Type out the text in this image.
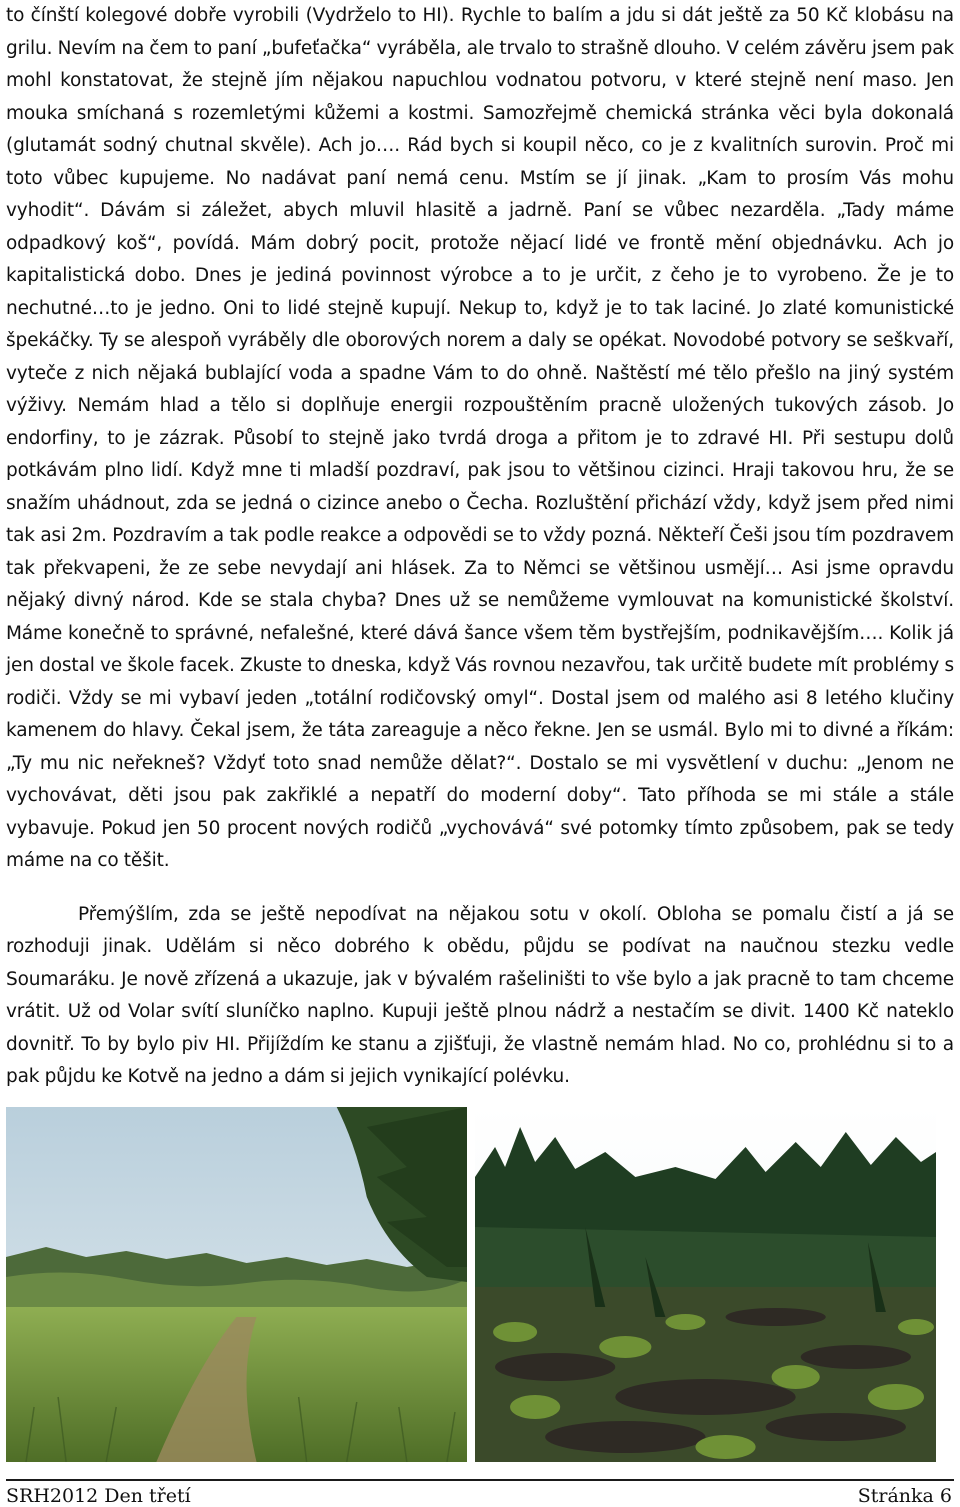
to čínští kolegové dobře vyrobili (Vydrželo to HI). Rychle to balím a jdu si dát ještě za 50 Kč klobásu na grilu. Nevím na čem to paní „bufeťačka“ vyráběla, ale trvalo to strašně dlouho. V celém závěru jsem pak mohl konstatovat, že stejně jím nějakou napuchlou vodnatou potvoru, v které stejně není maso. Jen mouka smíchaná s rozemletými kůžemi a kostmi. Samozřejmě chemická stránka věci byla dokonalá (glutamát sodný chutnal skvěle). Ach jo…. Rád bych si koupil něco, co je z kvalitních surovin. Proč mi toto vůbec kupujeme. No nadávat paní nemá cenu. Mstím se jí jinak. „Kam to prosím Vás mohu vyhodit“. Dávám si záležet, abych mluvil hlasitě a jadrně. Paní se vůbec nezarděla. „Tady máme odpadkový koš“, povídá. Mám dobrý pocit, protože nějací lidé ve frontě mění objednávku. Ach jo kapitalistická dobo. Dnes je jediná povinnost výrobce a to je určit, z čeho je to vyrobeno. Že je to nechutné…to je jedno. Oni to lidé stejně kupují. Nekup to, když je to tak laciné. Jo zlaté komunistické špekáčky. Ty se alespoň vyráběly dle oborových norem a daly se opékat. Novodobé potvory se seškvaří, vyteče z nich nějaká bublající voda a spadne Vám to do ohně. Naštěstí mé tělo přešlo na jiný systém výživy. Nemám hlad a tělo si doplňuje energii rozpouštěním pracně uložených tukových zásob. Jo endorfiny, to je zázrak. Působí to stejně jako tvrdá droga a přitom je to zdravé HI. Při sestupu dolů potkávám plno lidí. Když mne ti mladší pozdraví, pak jsou to většinou cizinci. Hraji takovou hru, že se snažím uhádnout, zda se jedná o cizince anebo o Čecha. Rozluštění přichází vždy, když jsem před nimi tak asi 2m. Pozdravím a tak podle reakce a odpovědi se to vždy pozná. Někteří Češi jsou tím pozdravem tak překvapeni, že ze sebe nevydají ani hlásek. Za to Němci se většinou usmějí… Asi jsme opravdu nějaký divný národ. Kde se stala chyba? Dnes už se nemůžeme vymlouvat na komunistické školství. Máme konečně to správné, nefalešné, které dává šance všem těm bystřejším, podnikavějším…. Kolik já jen dostal ve škole facek. Zkuste to dneska, když Vás rovnou nezavřou, tak určitě budete mít problémy s rodiči. Vždy se mi vybaví jeden „totální rodičovský omyl“. Dostal jsem od malého asi 8 letého klučiny kamenem do hlavy. Čekal jsem, že táta zareaguje a něco řekne. Jen se usmál. Bylo mi to divné a říkám: „Ty mu nic neřekneš? Vždyť toto snad nemůže dělat?“. Dostalo se mi vysvětlení v duchu: „Jenom ne vychovávat, děti jsou pak zakřiklé a nepatří do moderní doby“. Tato příhoda se mi stále a stále vybavuje. Pokud jen 50 procent nových rodičů „vychovává“ své potomky tímto způsobem, pak se tedy máme na co těšit.

Přemýšlím, zda se ještě nepodívat na nějakou sotu v okolí. Obloha se pomalu čistí a já se rozhoduji jinak. Udělám si něco dobrého k obědu, půjdu se podívat na naučnou stezku vedle Soumaráku. Je nově zřízená a ukazuje, jak v bývalém rašeliništi to vše bylo a jak pracně to tam chceme vrátit. Už od Volar svítí sluníčko naplno. Kupuji ještě plnou nádrž a nestačím se divit. 1400 Kč nateklo dovnitř. To by bylo piv HI. Přijíždím ke stanu a zjišťuji, že vlastně nemám hlad. No co, prohlédnu si to a pak půjdu ke Kotvě na jedno a dám si jejich vynikající polévku.

SRH2012 Den třetí	Stránka 6
